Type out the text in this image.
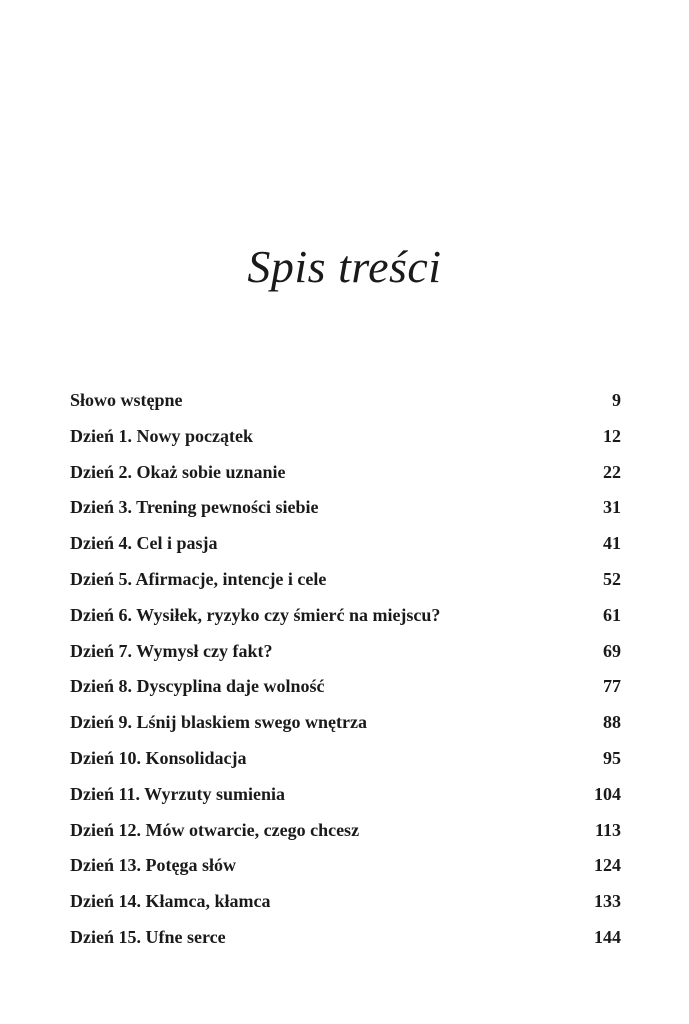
Spis treści
Słowo wstępne	9
Dzień 1. Nowy początek	12
Dzień 2. Okaż sobie uznanie	22
Dzień 3. Trening pewności siebie	31
Dzień 4. Cel i pasja	41
Dzień 5. Afirmacje, intencje i cele	52
Dzień 6. Wysiłek, ryzyko czy śmierć na miejscu?	61
Dzień 7. Wymysł czy fakt?	69
Dzień 8. Dyscyplina daje wolność	77
Dzień 9. Lśnij blaskiem swego wnętrza	88
Dzień 10. Konsolidacja	95
Dzień 11. Wyrzuty sumienia	104
Dzień 12. Mów otwarcie, czego chcesz	113
Dzień 13. Potęga słów	124
Dzień 14. Kłamca, kłamca	133
Dzień 15. Ufne serce	144
